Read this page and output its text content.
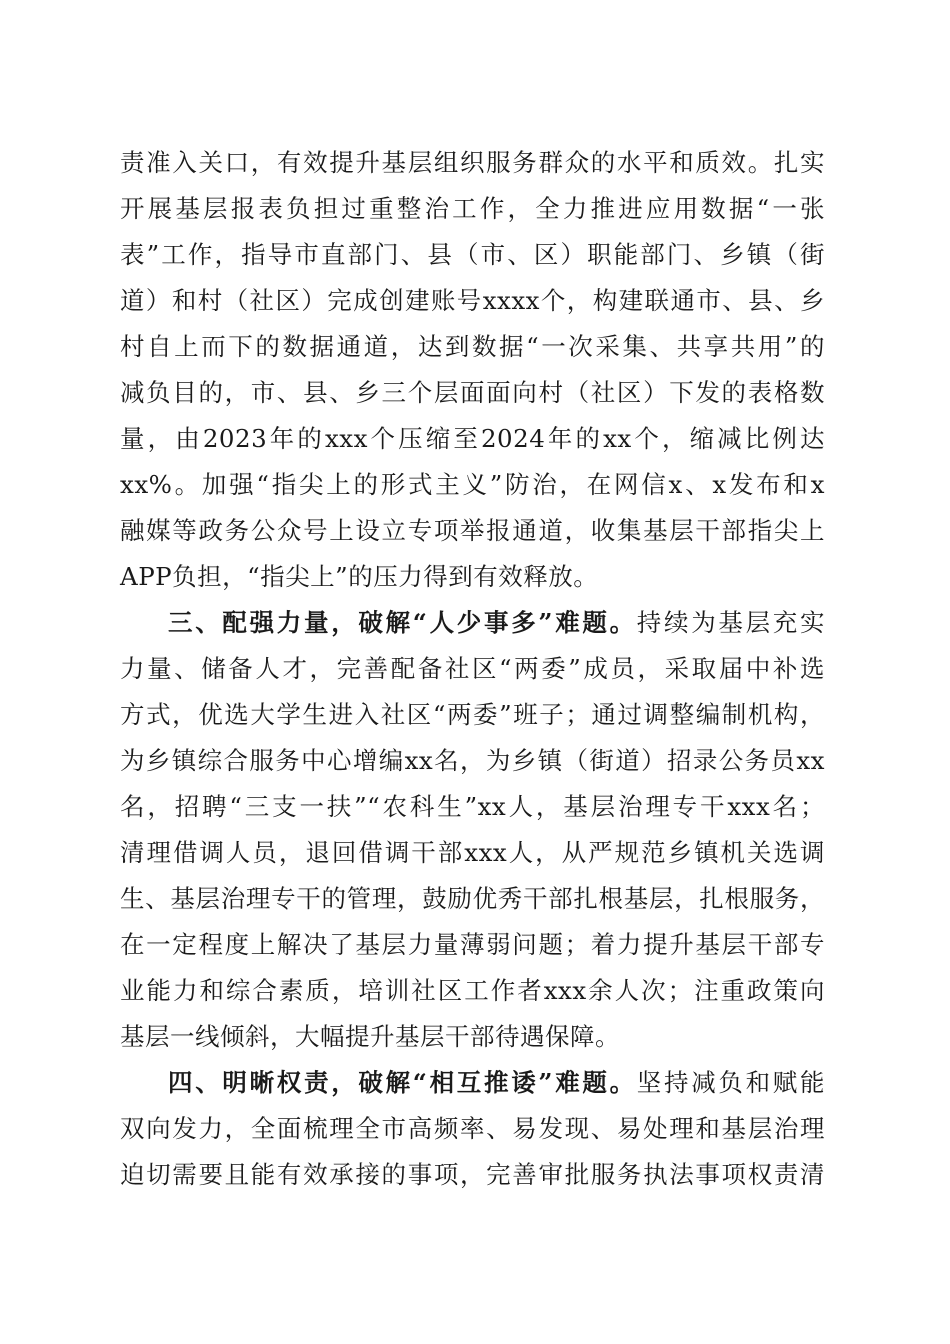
责准入关口，有效提升基层组织服务群众的水平和质效。扎实
开展基层报表负担过重整治工作，全力推进应用数据“一张
表”工作，指导市直部门、县（市、区）职能部门、乡镇（街
道）和村（社区）完成创建账号xxxx个，构建联通市、县、乡
村自上而下的数据通道，达到数据“一次采集、共享共用”的
减负目的，市、县、乡三个层面面向村（社区）下发的表格数
量，由2023年的xxx个压缩至2024年的xx个，缩减比例达
xx%。加强“指尖上的形式主义”防治，在网信x、x发布和x
融媒等政务公众号上设立专项举报通道，收集基层干部指尖上
APP负担，“指尖上”的压力得到有效释放。
三、配强力量，破解“人少事多”难题。持续为基层充实
力量、储备人才，完善配备社区“两委”成员，采取届中补选
方式，优选大学生进入社区“两委”班子；通过调整编制机构，
为乡镇综合服务中心增编xx名，为乡镇（街道）招录公务员xx
名，招聘“三支一扶”“农科生”xx人，基层治理专干xxx名；
清理借调人员，退回借调干部xxx人，从严规范乡镇机关选调
生、基层治理专干的管理，鼓励优秀干部扎根基层，扎根服务，
在一定程度上解决了基层力量薄弱问题；着力提升基层干部专
业能力和综合素质，培训社区工作者xxx余人次；注重政策向
基层一线倾斜，大幅提升基层干部待遇保障。
四、明晰权责，破解“相互推诿”难题。坚持减负和赋能
双向发力，全面梳理全市高频率、易发现、易处理和基层治理
迫切需要且能有效承接的事项，完善审批服务执法事项权责清
